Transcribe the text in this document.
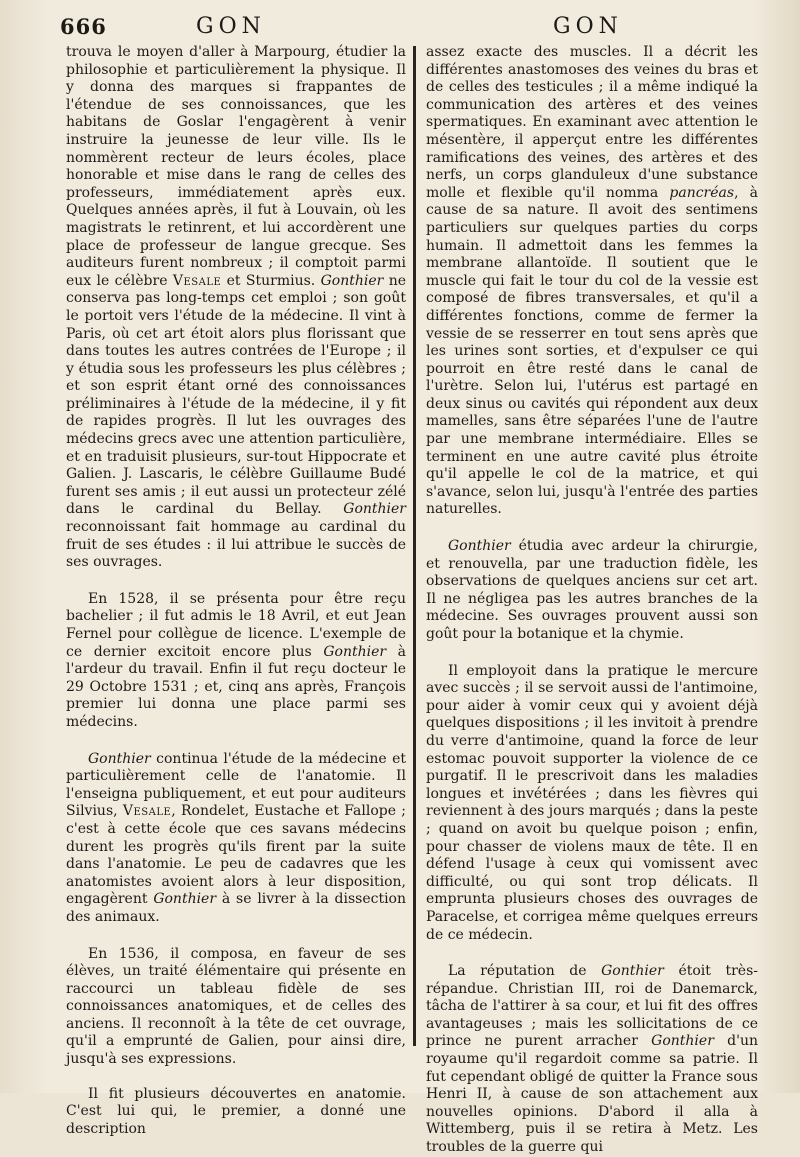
666	GON	GON

trouva le moyen d'aller à Marpourg, étudier la philosophie et particulièrement la physique. Il y donna des marques si frappantes de l'étendue de ses connoissances, que les habitans de Goslar l'engagèrent à venir instruire la jeunesse de leur ville. Ils le nommèrent recteur de leurs écoles, place honorable et mise dans le rang de celles des professeurs, immédiatement après eux. Quelques années après, il fut à Louvain, où les magistrats le retinrent, et lui accordèrent une place de professeur de langue grecque. Ses auditeurs furent nombreux ; il comptoit parmi eux le célèbre Vesale et Sturmius. Gonthier ne conserva pas long-temps cet emploi ; son goût le portoit vers l'étude de la médecine. Il vint à Paris, où cet art étoit alors plus florissant que dans toutes les autres contrées de l'Europe ; il y étudia sous les professeurs les plus célèbres ; et son esprit étant orné des connoissances préliminaires à l'étude de la médecine, il y fit de rapides progrès. Il lut les ouvrages des médecins grecs avec une attention particulière, et en traduisit plusieurs, sur-tout Hippocrate et Galien. J. Lascaris, le célèbre Guillaume Budé furent ses amis ; il eut aussi un protecteur zélé dans le cardinal du Bellay. Gonthier reconnoissant fait hommage au cardinal du fruit de ses études : il lui attribue le succès de ses ouvrages.

En 1528, il se présenta pour être reçu bachelier ; il fut admis le 18 Avril, et eut Jean Fernel pour collègue de licence. L'exemple de ce dernier excitoit encore plus Gonthier à l'ardeur du travail. Enfin il fut reçu docteur le 29 Octobre 1531 ; et, cinq ans après, François premier lui donna une place parmi ses médecins.

Gonthier continua l'étude de la médecine et particulièrement celle de l'anatomie. Il l'enseigna publiquement, et eut pour auditeurs Silvius, Vesale, Rondelet, Eustache et Fallope ; c'est à cette école que ces savans médecins durent les progrès qu'ils firent par la suite dans l'anatomie. Le peu de cadavres que les anatomistes avoient alors à leur disposition, engagèrent Gonthier à se livrer à la dissection des animaux.

En 1536, il composa, en faveur de ses élèves, un traité élémentaire qui présente en raccourci un tableau fidèle de ses connoissances anatomiques, et de celles des anciens. Il reconnoît à la tête de cet ouvrage, qu'il a emprunté de Galien, pour ainsi dire, jusqu'à ses expressions.

Il fit plusieurs découvertes en anatomie. C'est lui qui, le premier, a donné une description

assez exacte des muscles. Il a décrit les différentes anastomoses des veines du bras et de celles des testicules ; il a même indiqué la communication des artères et des veines spermatiques. En examinant avec attention le mésentère, il apperçut entre les différentes ramifications des veines, des artères et des nerfs, un corps glanduleux d'une substance molle et flexible qu'il nomma pancréas, à cause de sa nature. Il avoit des sentimens particuliers sur quelques parties du corps humain. Il admettoit dans les femmes la membrane allantoïde. Il soutient que le muscle qui fait le tour du col de la vessie est composé de fibres transversales, et qu'il a différentes fonctions, comme de fermer la vessie de se resserrer en tout sens après que les urines sont sorties, et d'expulser ce qui pourroit en être resté dans le canal de l'urètre. Selon lui, l'utérus est partagé en deux sinus ou cavités qui répondent aux deux mamelles, sans être séparées l'une de l'autre par une membrane intermédiaire. Elles se terminent en une autre cavité plus étroite qu'il appelle le col de la matrice, et qui s'avance, selon lui, jusqu'à l'entrée des parties naturelles.

Gonthier étudia avec ardeur la chirurgie, et renouvella, par une traduction fidèle, les observations de quelques anciens sur cet art. Il ne négligea pas les autres branches de la médecine. Ses ouvrages prouvent aussi son goût pour la botanique et la chymie.

Il employoit dans la pratique le mercure avec succès ; il se servoit aussi de l'antimoine, pour aider à vomir ceux qui y avoient déjà quelques dispositions ; il les invitoit à prendre du verre d'antimoine, quand la force de leur estomac pouvoit supporter la violence de ce purgatif. Il le prescrivoit dans les maladies longues et invétérées ; dans les fièvres qui reviennent à des jours marqués ; dans la peste ; quand on avoit bu quelque poison ; enfin, pour chasser de violens maux de tête. Il en défend l'usage à ceux qui vomissent avec difficulté, ou qui sont trop délicats. Il emprunta plusieurs choses des ouvrages de Paracelse, et corrigea même quelques erreurs de ce médecin.

La réputation de Gonthier étoit très-répandue. Christian III, roi de Danemarck, tâcha de l'attirer à sa cour, et lui fit des offres avantageuses ; mais les sollicitations de ce prince ne purent arracher Gonthier d'un royaume qu'il regardoit comme sa patrie. Il fut cependant obligé de quitter la France sous Henri II, à cause de son attachement aux nouvelles opinions. D'abord il alla à Wittemberg, puis il se retira à Metz. Les troubles de la guerre qui
